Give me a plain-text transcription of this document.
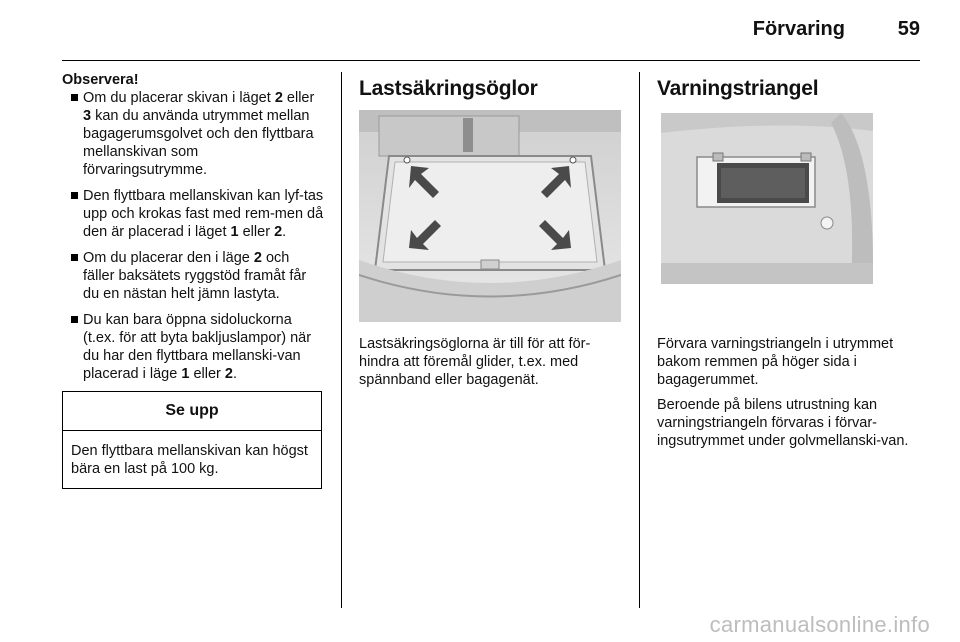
Förvaring	59
Observera!
Om du placerar skivan i läget 2 eller 3 kan du använda utrymmet mellan bagagerumsgolvet och den flyttbara mellanskivan som förvaringsutrymme.
Den flyttbara mellanskivan kan lyf-tas upp och krokas fast med rem-men då den är placerad i läget 1 eller 2.
Om du placerar den i läge 2 och fäller baksätets ryggstöd framåt får du en nästan helt jämn lastyta.
Du kan bara öppna sidoluckorna (t.ex. för att byta bakljuslampor) när du har den flyttbara mellanski-van placerad i läge 1 eller 2.
Se upp
Den flyttbara mellanskivan kan högst bära en last på 100 kg.
Lastsäkringsöglor
Lastsäkringsöglorna är till för att för-hindra att föremål glider, t.ex. med spännband eller bagagenät.
Varningstriangel

Förvara varningstriangeln i utrymmet bakom remmen på höger sida i bagagerummet.

Beroende på bilens utrustning kan varningstriangeln förvaras i förvar-ingsutrymmet under golvmellanski-van.

carmanualsonline.info
